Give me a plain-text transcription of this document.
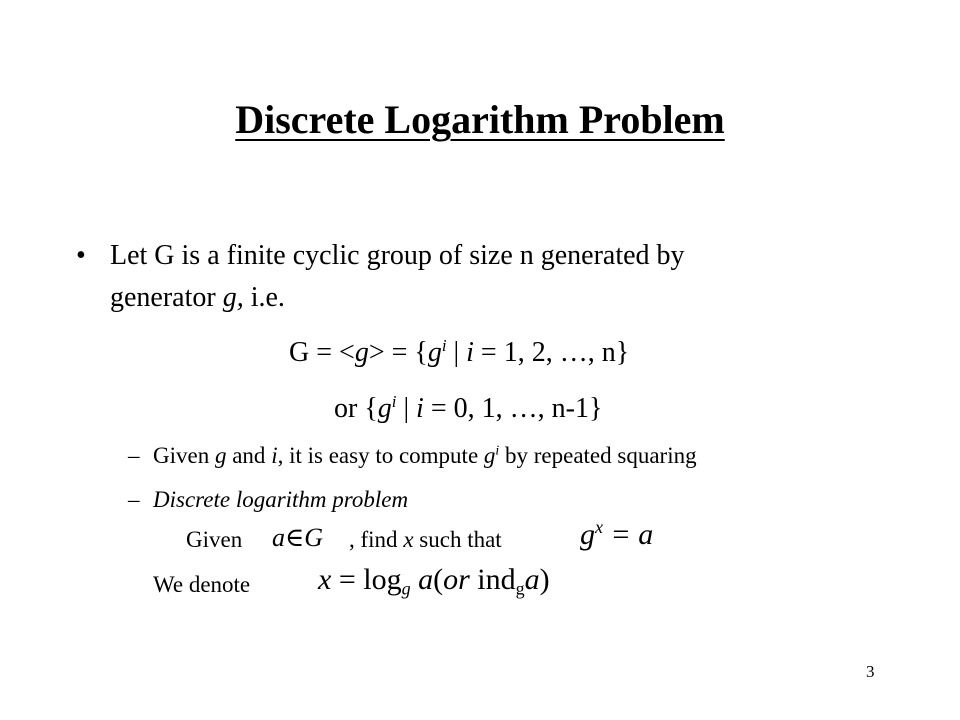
Discrete Logarithm Problem
• Let G is a finite cyclic group of size n generated by
generator g, i.e.
$G = <g> = \{g^i$ | i = 1, 2, …, n}
or {$g^i$ | i = 0, 1, …, n-1}
– Given g and i, it is easy to compute $g^i$ by repeated squaring
– Discrete logarithm problem
Given a∈G , find x such that	$g^x = a$
We denote $x = \log_g a(or$ ind$_g$a)
3
